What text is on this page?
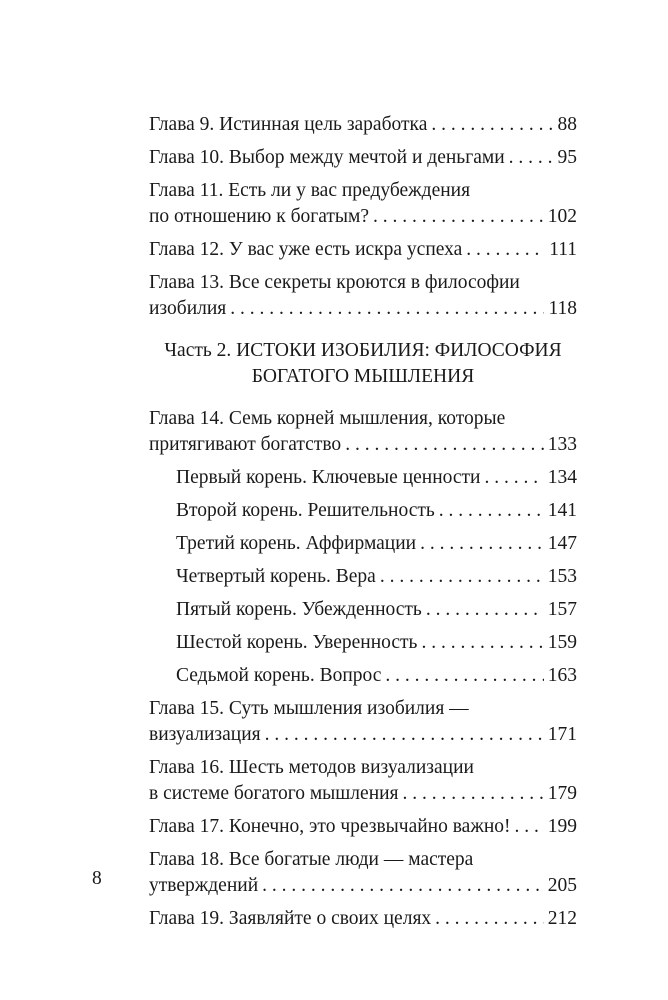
Глава 9. Истинная цель заработка . . .	88
Глава 10. Выбор между мечтой и деньгами . . .	95
Глава 11. Есть ли у вас предубеждения
по отношению к богатым? . . .	102
Глава 12. У вас уже есть искра успеха . . .	111
Глава 13. Все секреты кроются в философии
изобилия . . .	118
Часть 2. ИСТОКИ ИЗОБИЛИЯ: ФИЛОСОФИЯ
БОГАТОГО МЫШЛЕНИЯ
Глава 14. Семь корней мышления, которые
притягивают богатство . . .	133
Первый корень. Ключевые ценности . . .	134
Второй корень. Решительность . . .	141
Третий корень. Аффирмации . . .	147
Четвертый корень. Вера . . .	153
Пятый корень. Убежденность . . .	157
Шестой корень. Уверенность . . .	159
Седьмой корень. Вопрос . . .	163
Глава 15. Суть мышления изобилия —
визуализация . . .	171
Глава 16. Шесть методов визуализации
в системе богатого мышления . . .	179
Глава 17. Конечно, это чрезвычайно важно! . . . 199
Глава 18. Все богатые люди — мастера
утверждений . . .	205
Глава 19. Заявляйте о своих целях . . .	212
8
